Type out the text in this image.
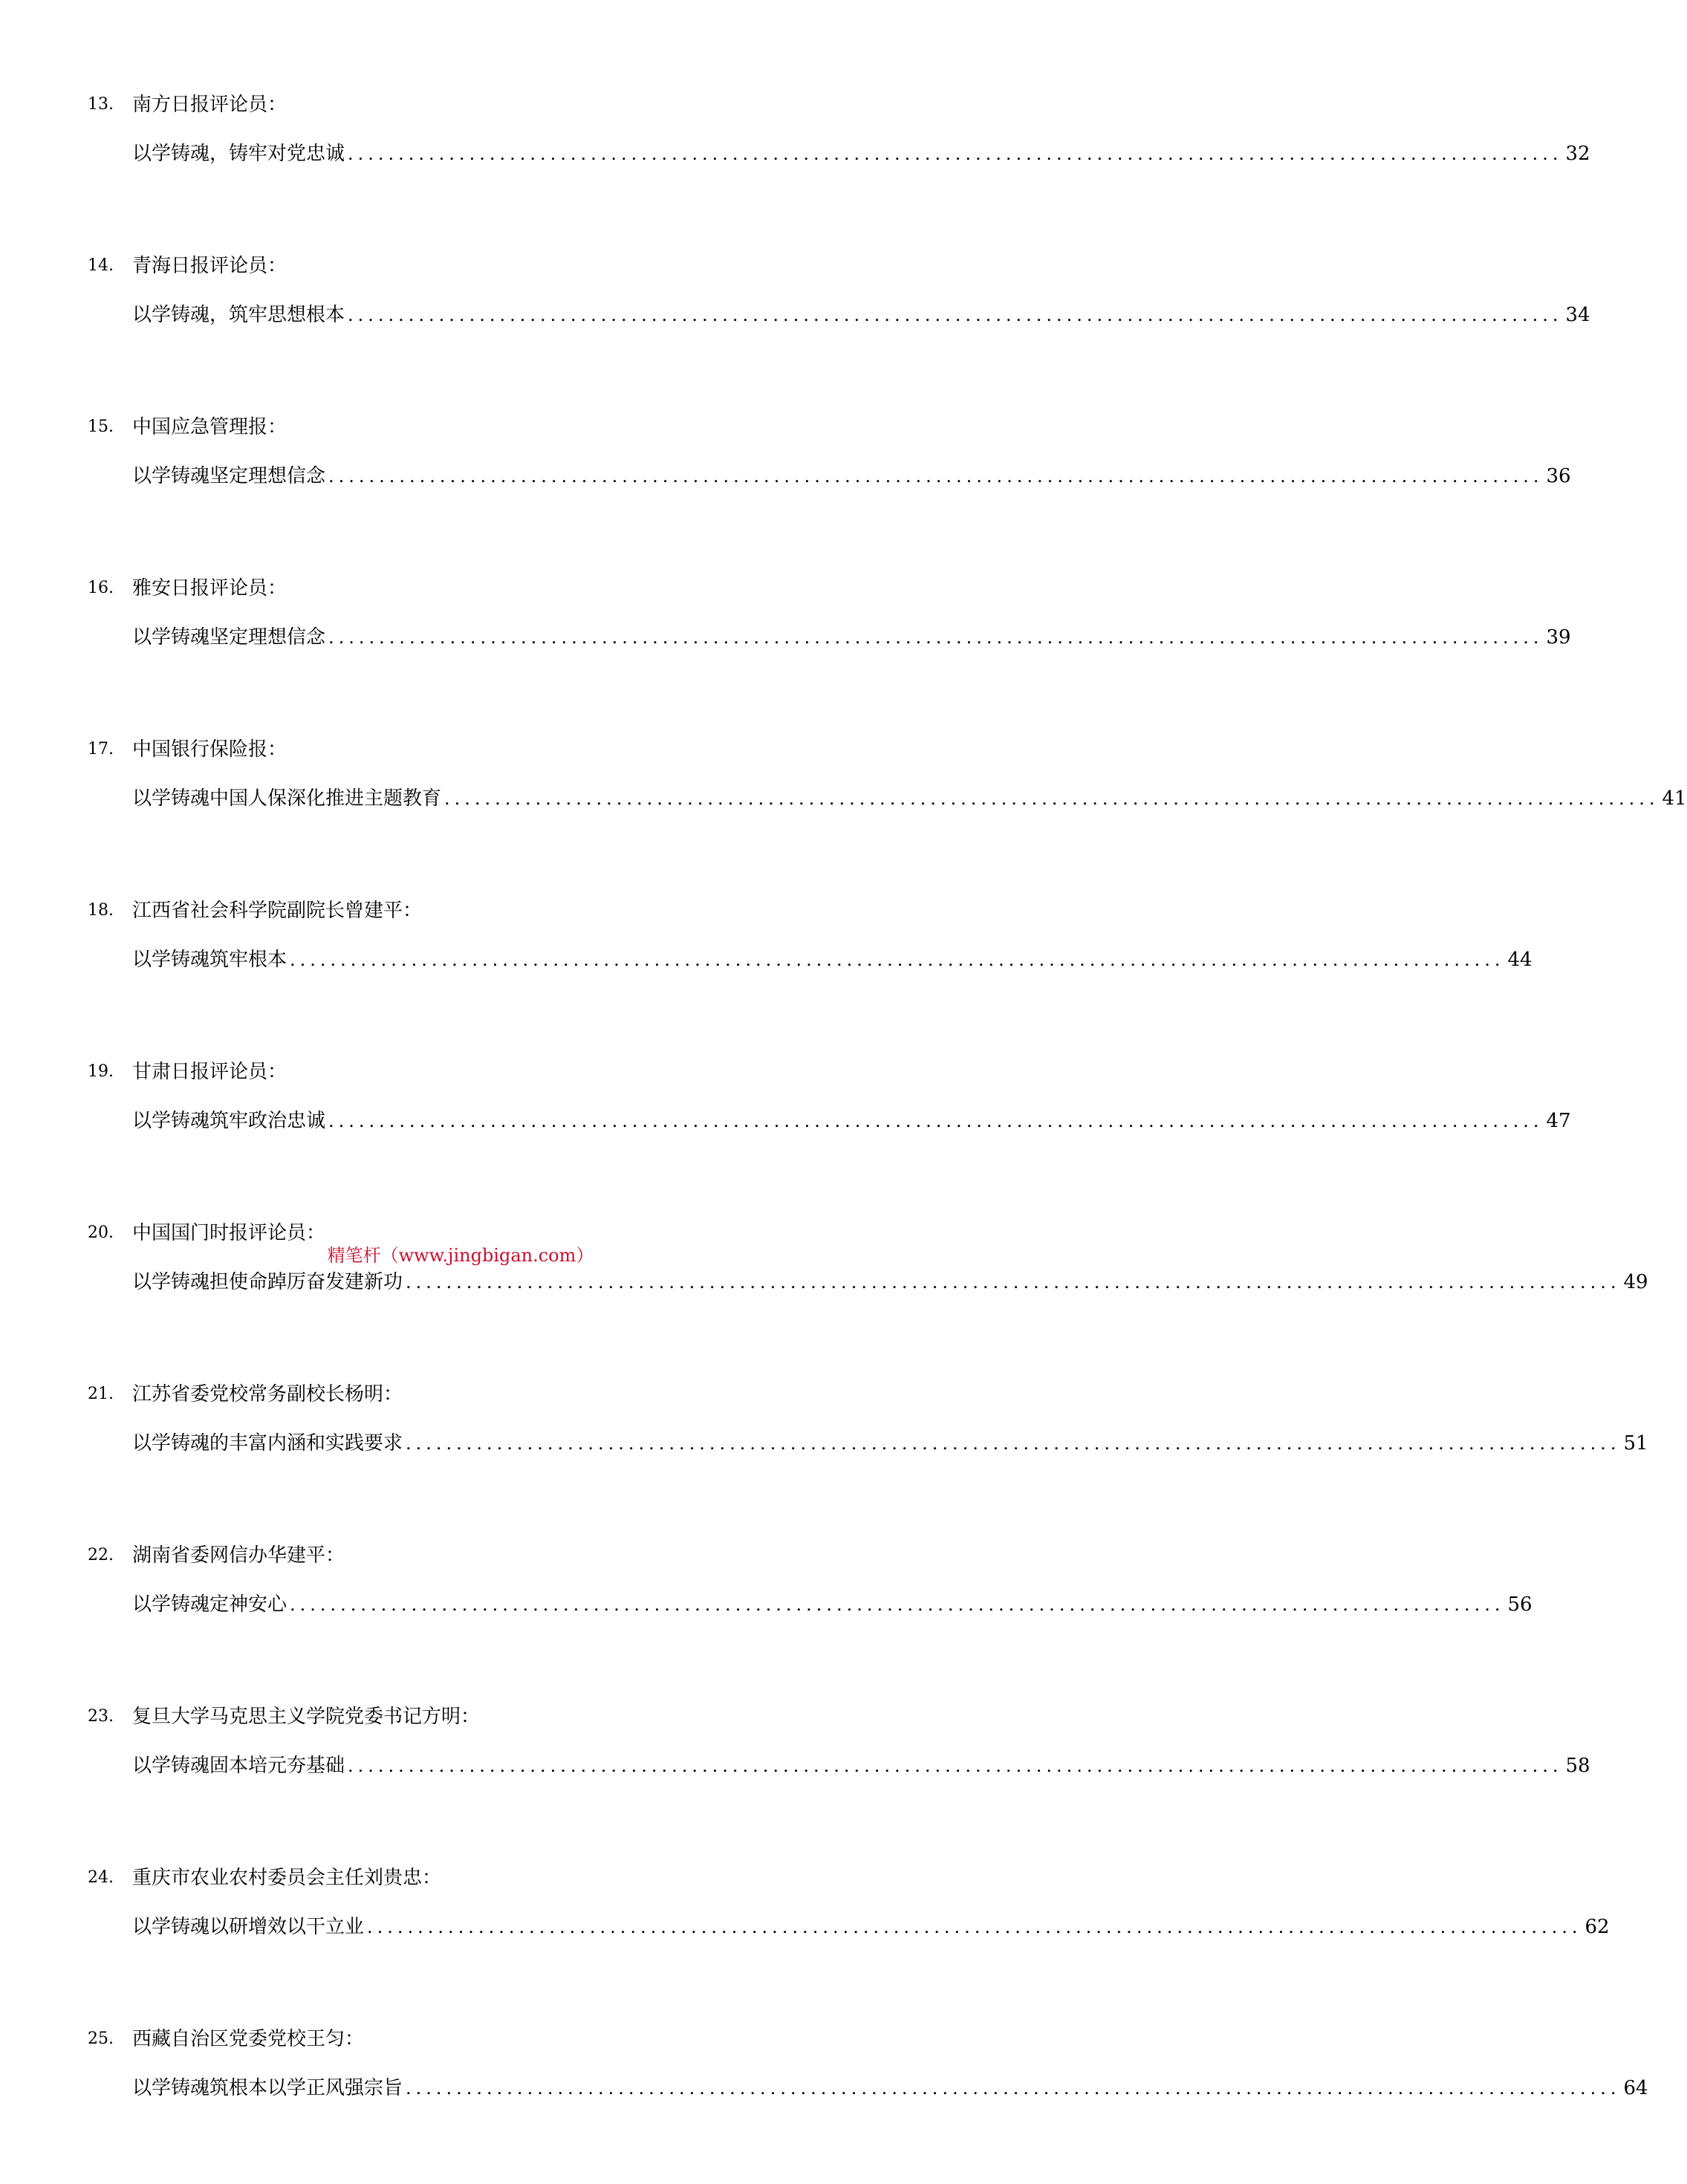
13. 南方日报评论员：
以学铸魂，铸牢对党忠诚 ........................................................................................................................ 32
14. 青海日报评论员：
以学铸魂，筑牢思想根本 ........................................................................................................................ 34
15. 中国应急管理报：
以学铸魂坚定理想信念 ........................................................................................................................ 36
16. 雅安日报评论员：
以学铸魂坚定理想信念 ........................................................................................................................ 39
17. 中国银行保险报：
以学铸魂中国人保深化推进主题教育 ........................................................................................................................ 41
18. 江西省社会科学院副院长曾建平：
以学铸魂筑牢根本 ........................................................................................................................ 44
19. 甘肃日报评论员：
以学铸魂筑牢政治忠诚 ........................................................................................................................ 47
20. 中国国门时报评论员：
以学铸魂担使命踔厉奋发建新功 ........................................................................................................................ 49
21. 江苏省委党校常务副校长杨明：
以学铸魂的丰富内涵和实践要求 ........................................................................................................................ 51
22. 湖南省委网信办华建平：
以学铸魂定神安心 ........................................................................................................................ 56
23. 复旦大学马克思主义学院党委书记方明：
以学铸魂固本培元夯基础 ........................................................................................................................ 58
24. 重庆市农业农村委员会主任刘贵忠：
以学铸魂以研增效以干立业 ........................................................................................................................ 62
25. 西藏自治区党委党校王匀：
以学铸魂筑根本以学正风强宗旨 ........................................................................................................................ 64
精笔杆（www.jingbigan.com）
